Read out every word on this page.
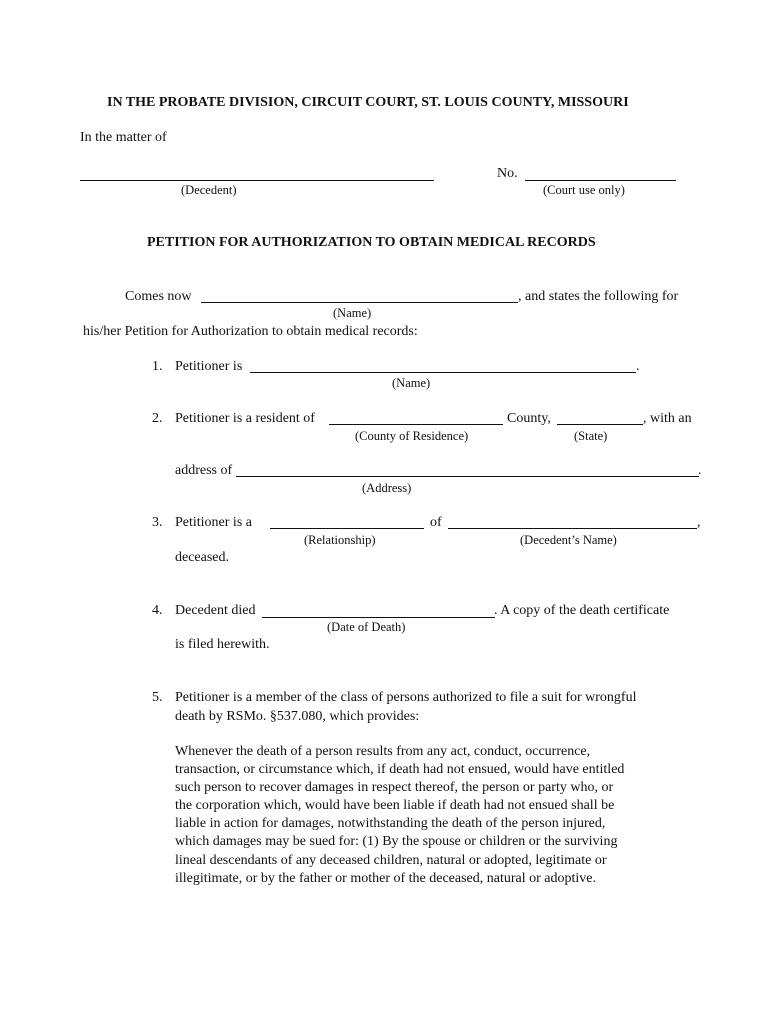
IN THE PROBATE DIVISION, CIRCUIT COURT, ST. LOUIS COUNTY, MISSOURI
In the matter of
(Decedent)
No.
(Court use only)
PETITION FOR AUTHORIZATION TO OBTAIN MEDICAL RECORDS
Comes now	, and states the following for
(Name)
his/her Petition for Authorization to obtain medical records:
1. Petitioner is	.
(Name)
2. Petitioner is a resident of	County,	, with an
(County of Residence)	(State)
address of	.
(Address)
3. Petitioner is a	of	,
(Relationship)	(Decedent’s Name)
deceased.
4. Decedent died	. A copy of the death certificate
(Date of Death)
is filed herewith.
5. Petitioner is a member of the class of persons authorized to file a suit for wrongful
death by RSMo. §537.080, which provides:
Whenever the death of a person results from any act, conduct, occurrence,
transaction, or circumstance which, if death had not ensued, would have entitled
such person to recover damages in respect thereof, the person or party who, or
the corporation which, would have been liable if death had not ensued shall be
liable in action for damages, notwithstanding the death of the person injured,
which damages may be sued for: (1) By the spouse or children or the surviving
lineal descendants of any deceased children, natural or adopted, legitimate or
illegitimate, or by the father or mother of the deceased, natural or adoptive.
